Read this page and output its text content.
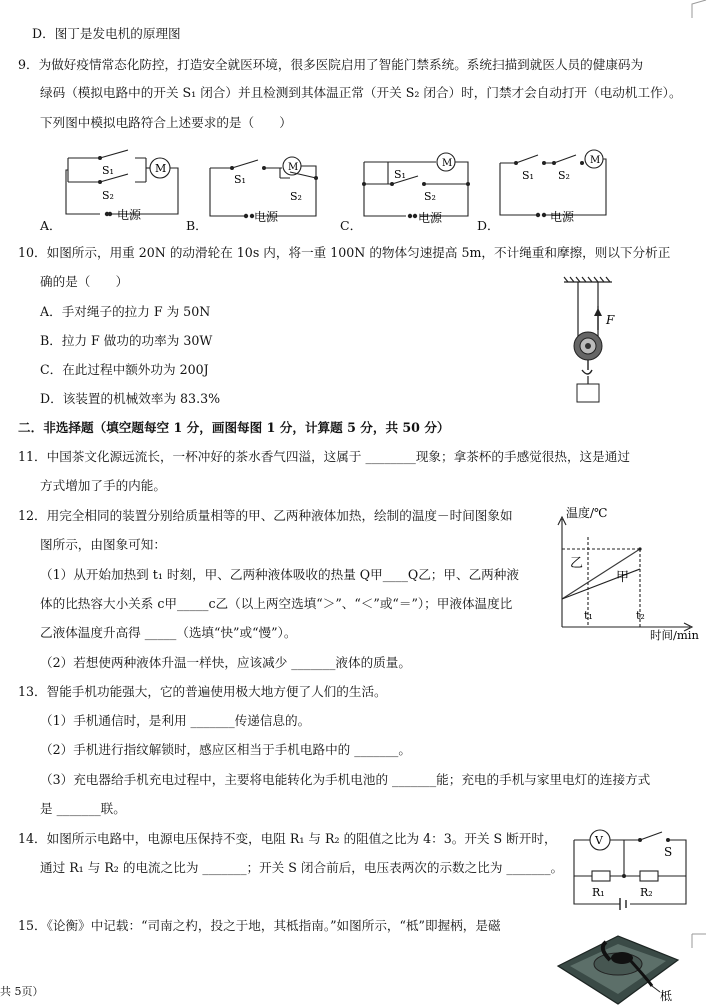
D．图丁是发电机的原理图
9．为做好疫情常态化防控，打造安全就医环境，很多医院启用了智能门禁系统。系统扫描到就医人员的健康码为
绿码（模拟电路中的开关 S₁ 闭合）并且检测到其体温正常（开关 S₂ 闭合）时，门禁才会自动打开（电动机工作）。
下列图中模拟电路符合上述要求的是（　　）
M
S₁
S₂
电源
A．
M
S₁
S₂
电源
B．
M
S₁
S₂
电源
C．
M
S₁ S₂
电源
D．
10．如图所示，用重 20N 的动滑轮在 10s 内，将一重 100N 的物体匀速提高 5m，不计绳重和摩擦，则以下分析正
确的是（　　）
A．手对绳子的拉力 F 为 50N
B．拉力 F 做功的功率为 30W
C．在此过程中额外功为 200J
D．该装置的机械效率为 83.3%
F
二．非选择题（填空题每空 1 分，画图每图 1 分，计算题 5 分，共 50 分）
11．中国茶文化源远流长，一杯冲好的茶水香气四溢，这属于 ________现象；拿茶杯的手感觉很热，这是通过
方式增加了手的内能。
12．用完全相同的装置分别给质量相等的甲、乙两种液体加热，绘制的温度－时间图象如
图所示，由图象可知：
（1）从开始加热到 t₁ 时刻，甲、乙两种液体吸收的热量 Q甲____Q乙；甲、乙两种液
体的比热容大小关系 c甲_____c乙（以上两空选填“＞”、“＜”或“＝”）；甲液体温度比
乙液体温度升高得 _____（选填“快”或“慢”）。
（2）若想使两种液体升温一样快，应该减少 _______液体的质量。
温度/℃
时间/min
t₁	t₂
乙
甲
13．智能手机功能强大，它的普遍使用极大地方便了人们的生活。
（1）手机通信时，是利用 _______传递信息的。
（2）手机进行指纹解锁时，感应区相当于手机电路中的 _______。
（3）充电器给手机充电过程中，主要将电能转化为手机电池的 _______能；充电的手机与家里电灯的连接方式
是 _______联。
14．如图所示电路中，电源电压保持不变，电阻 R₁ 与 R₂ 的阻值之比为 4：3。开关 S 断开时，
通过 R₁ 与 R₂ 的电流之比为 _______；开关 S 闭合前后，电压表两次的示数之比为 _______。
V
S
R₁	R₂
15．《论衡》中记载：“司南之杓，投之于地，其柢指南。”如图所示，“柢”即握柄，是磁
柢
共 5页）
